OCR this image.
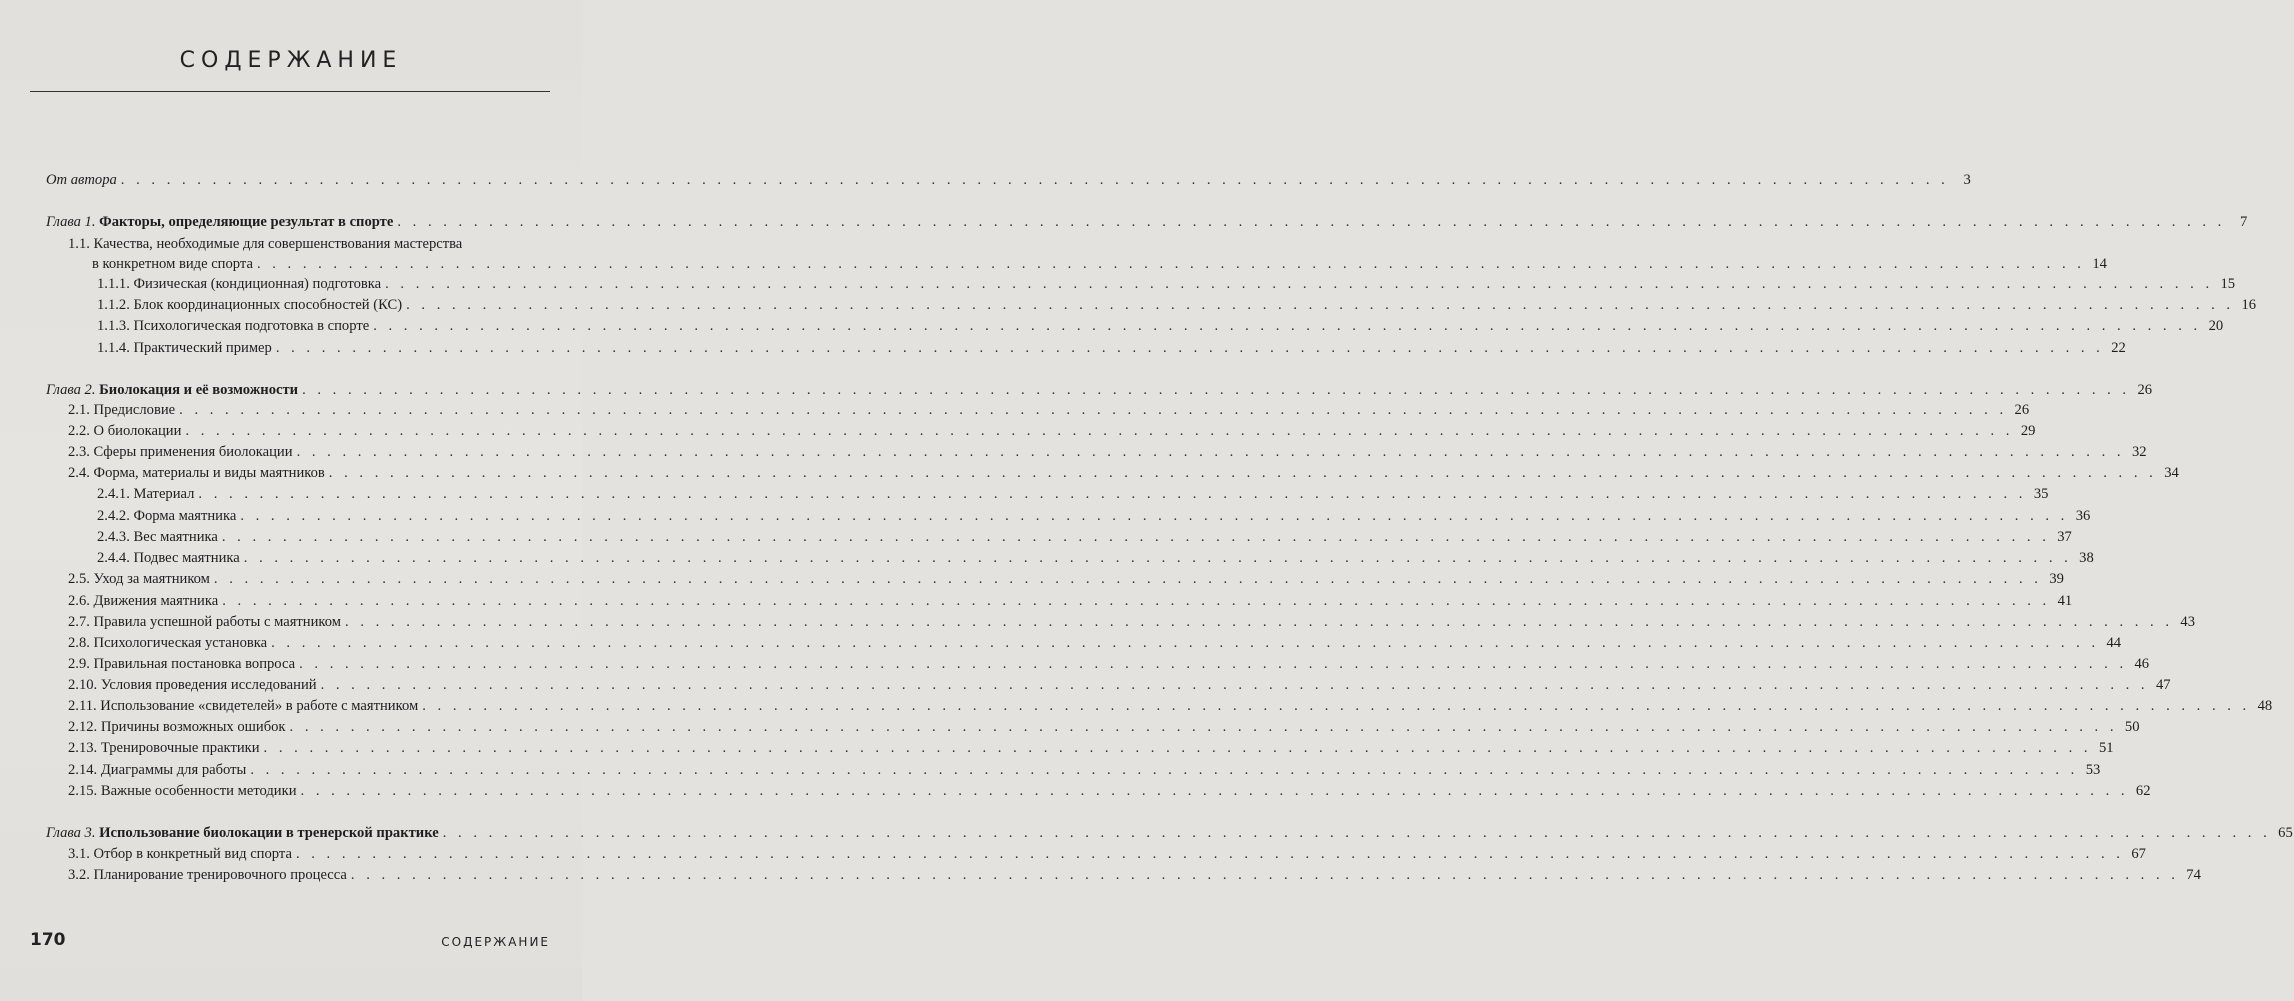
СОДЕРЖАНИЕ
От автора . . . . . . . . . . . . . . . . . . . . . . . . . . . . . . . . . . . . . . . . . . . . . . . . . . . . . . . . . . . . . . . . . . . . . . . . . . . . . . . . . . . . . . . . . . . . . . . . . . . . . . . . . . . . . . . . . . . . . . . .	3
Глава 1. Факторы, определяющие результат в спорте . . . . . . . . . . . . . . . . . . . . . . . . . . . . . . . . . . . . . . . . . . . . . . . . . . . . . . . . . . . . . . . . . . . . . . . . . . . . . . . . . . . . . . . . . . . . . . . . . . . . . . . . . . . . . . . . . . . . . . . .	7
1.1. Качества, необходимые для совершенствования мастерства
в конкретном виде спорта . . . . . . . . . . . . . . . . . . . . . . . . . . . . . . . . . . . . . . . . . . . . . . . . . . . . . . . . . . . . . . . . . . . . . . . . . . . . . . . . . . . . . . . . . . . . . . . . . . . . . . . . . . . . . . . . . . . . . . . . 14
1.1.1. Физическая (кондиционная) подготовка . . . . . . . . . . . . . . . . . . . . . . . . . . . . . . . . . . . . . . . . . . . . . . . . . . . . . . . . . . . . . . . . . . . . . . . . . . . . . . . . . . . . . . . . . . . . . . . . . . . . . . . . . . . . . . . . . . . . . . . . 15
1.1.2. Блок координационных способностей (КС) . . . . . . . . . . . . . . . . . . . . . . . . . . . . . . . . . . . . . . . . . . . . . . . . . . . . . . . . . . . . . . . . . . . . . . . . . . . . . . . . . . . . . . . . . . . . . . . . . . . . . . . . . . . . . . . . . . . . . . . . 16
1.1.3. Психологическая подготовка в спорте . . . . . . . . . . . . . . . . . . . . . . . . . . . . . . . . . . . . . . . . . . . . . . . . . . . . . . . . . . . . . . . . . . . . . . . . . . . . . . . . . . . . . . . . . . . . . . . . . . . . . . . . . . . . . . . . . . . . . . . . 20
1.1.4. Практический пример . . . . . . . . . . . . . . . . . . . . . . . . . . . . . . . . . . . . . . . . . . . . . . . . . . . . . . . . . . . . . . . . . . . . . . . . . . . . . . . . . . . . . . . . . . . . . . . . . . . . . . . . . . . . . . . . . . . . . . . . 22
Глава 2. Биолокация и её возможности . . . . . . . . . . . . . . . . . . . . . . . . . . . . . . . . . . . . . . . . . . . . . . . . . . . . . . . . . . . . . . . . . . . . . . . . . . . . . . . . . . . . . . . . . . . . . . . . . . . . . . . . . . . . . . . . . . . . . . . . 26
2.1. Предисловие . . . . . . . . . . . . . . . . . . . . . . . . . . . . . . . . . . . . . . . . . . . . . . . . . . . . . . . . . . . . . . . . . . . . . . . . . . . . . . . . . . . . . . . . . . . . . . . . . . . . . . . . . . . . . . . . . . . . . . . . 26
2.2. О биолокации . . . . . . . . . . . . . . . . . . . . . . . . . . . . . . . . . . . . . . . . . . . . . . . . . . . . . . . . . . . . . . . . . . . . . . . . . . . . . . . . . . . . . . . . . . . . . . . . . . . . . . . . . . . . . . . . . . . . . . . . 29
2.3. Сферы применения биолокации . . . . . . . . . . . . . . . . . . . . . . . . . . . . . . . . . . . . . . . . . . . . . . . . . . . . . . . . . . . . . . . . . . . . . . . . . . . . . . . . . . . . . . . . . . . . . . . . . . . . . . . . . . . . . . . . . . . . . . . . 32
2.4. Форма, материалы и виды маятников . . . . . . . . . . . . . . . . . . . . . . . . . . . . . . . . . . . . . . . . . . . . . . . . . . . . . . . . . . . . . . . . . . . . . . . . . . . . . . . . . . . . . . . . . . . . . . . . . . . . . . . . . . . . . . . . . . . . . . . . 34
2.4.1. Материал . . . . . . . . . . . . . . . . . . . . . . . . . . . . . . . . . . . . . . . . . . . . . . . . . . . . . . . . . . . . . . . . . . . . . . . . . . . . . . . . . . . . . . . . . . . . . . . . . . . . . . . . . . . . . . . . . . . . . . . . 35
2.4.2. Форма маятника . . . . . . . . . . . . . . . . . . . . . . . . . . . . . . . . . . . . . . . . . . . . . . . . . . . . . . . . . . . . . . . . . . . . . . . . . . . . . . . . . . . . . . . . . . . . . . . . . . . . . . . . . . . . . . . . . . . . . . . . 36
2.4.3. Вес маятника . . . . . . . . . . . . . . . . . . . . . . . . . . . . . . . . . . . . . . . . . . . . . . . . . . . . . . . . . . . . . . . . . . . . . . . . . . . . . . . . . . . . . . . . . . . . . . . . . . . . . . . . . . . . . . . . . . . . . . . . 37
2.4.4. Подвес маятника . . . . . . . . . . . . . . . . . . . . . . . . . . . . . . . . . . . . . . . . . . . . . . . . . . . . . . . . . . . . . . . . . . . . . . . . . . . . . . . . . . . . . . . . . . . . . . . . . . . . . . . . . . . . . . . . . . . . . . . . 38
2.5. Уход за маятником . . . . . . . . . . . . . . . . . . . . . . . . . . . . . . . . . . . . . . . . . . . . . . . . . . . . . . . . . . . . . . . . . . . . . . . . . . . . . . . . . . . . . . . . . . . . . . . . . . . . . . . . . . . . . . . . . . . . . . . . 39
2.6. Движения маятника . . . . . . . . . . . . . . . . . . . . . . . . . . . . . . . . . . . . . . . . . . . . . . . . . . . . . . . . . . . . . . . . . . . . . . . . . . . . . . . . . . . . . . . . . . . . . . . . . . . . . . . . . . . . . . . . . . . . . . . . 41
2.7. Правила успешной работы с маятником . . . . . . . . . . . . . . . . . . . . . . . . . . . . . . . . . . . . . . . . . . . . . . . . . . . . . . . . . . . . . . . . . . . . . . . . . . . . . . . . . . . . . . . . . . . . . . . . . . . . . . . . . . . . . . . . . . . . . . . . 43
2.8. Психологическая установка . . . . . . . . . . . . . . . . . . . . . . . . . . . . . . . . . . . . . . . . . . . . . . . . . . . . . . . . . . . . . . . . . . . . . . . . . . . . . . . . . . . . . . . . . . . . . . . . . . . . . . . . . . . . . . . . . . . . . . . . 44
2.9. Правильная постановка вопроса . . . . . . . . . . . . . . . . . . . . . . . . . . . . . . . . . . . . . . . . . . . . . . . . . . . . . . . . . . . . . . . . . . . . . . . . . . . . . . . . . . . . . . . . . . . . . . . . . . . . . . . . . . . . . . . . . . . . . . . . 46
2.10. Условия проведения исследований . . . . . . . . . . . . . . . . . . . . . . . . . . . . . . . . . . . . . . . . . . . . . . . . . . . . . . . . . . . . . . . . . . . . . . . . . . . . . . . . . . . . . . . . . . . . . . . . . . . . . . . . . . . . . . . . . . . . . . . . 47
2.11. Использование «свидетелей» в работе с маятником . . . . . . . . . . . . . . . . . . . . . . . . . . . . . . . . . . . . . . . . . . . . . . . . . . . . . . . . . . . . . . . . . . . . . . . . . . . . . . . . . . . . . . . . . . . . . . . . . . . . . . . . . . . . . . . . . . . . . . . . 48
2.12. Причины возможных ошибок . . . . . . . . . . . . . . . . . . . . . . . . . . . . . . . . . . . . . . . . . . . . . . . . . . . . . . . . . . . . . . . . . . . . . . . . . . . . . . . . . . . . . . . . . . . . . . . . . . . . . . . . . . . . . . . . . . . . . . . . 50
2.13. Тренировочные практики . . . . . . . . . . . . . . . . . . . . . . . . . . . . . . . . . . . . . . . . . . . . . . . . . . . . . . . . . . . . . . . . . . . . . . . . . . . . . . . . . . . . . . . . . . . . . . . . . . . . . . . . . . . . . . . . . . . . . . . . 51
2.14. Диаграммы для работы . . . . . . . . . . . . . . . . . . . . . . . . . . . . . . . . . . . . . . . . . . . . . . . . . . . . . . . . . . . . . . . . . . . . . . . . . . . . . . . . . . . . . . . . . . . . . . . . . . . . . . . . . . . . . . . . . . . . . . . . 53
2.15. Важные особенности методики . . . . . . . . . . . . . . . . . . . . . . . . . . . . . . . . . . . . . . . . . . . . . . . . . . . . . . . . . . . . . . . . . . . . . . . . . . . . . . . . . . . . . . . . . . . . . . . . . . . . . . . . . . . . . . . . . . . . . . . . 62
Глава 3. Использование биолокации в тренерской практике . . . . . . . . . . . . . . . . . . . . . . . . . . . . . . . . . . . . . . . . . . . . . . . . . . . . . . . . . . . . . . . . . . . . . . . . . . . . . . . . . . . . . . . . . . . . . . . . . . . . . . . . . . . . . . . . . . . . . . . . 65
3.1. Отбор в конкретный вид спорта . . . . . . . . . . . . . . . . . . . . . . . . . . . . . . . . . . . . . . . . . . . . . . . . . . . . . . . . . . . . . . . . . . . . . . . . . . . . . . . . . . . . . . . . . . . . . . . . . . . . . . . . . . . . . . . . . . . . . . . . 67
3.2. Планирование тренировочного процесса . . . . . . . . . . . . . . . . . . . . . . . . . . . . . . . . . . . . . . . . . . . . . . . . . . . . . . . . . . . . . . . . . . . . . . . . . . . . . . . . . . . . . . . . . . . . . . . . . . . . . . . . . . . . . . . . . . . . . . . . 74
170	СОДЕРЖАНИЕ
